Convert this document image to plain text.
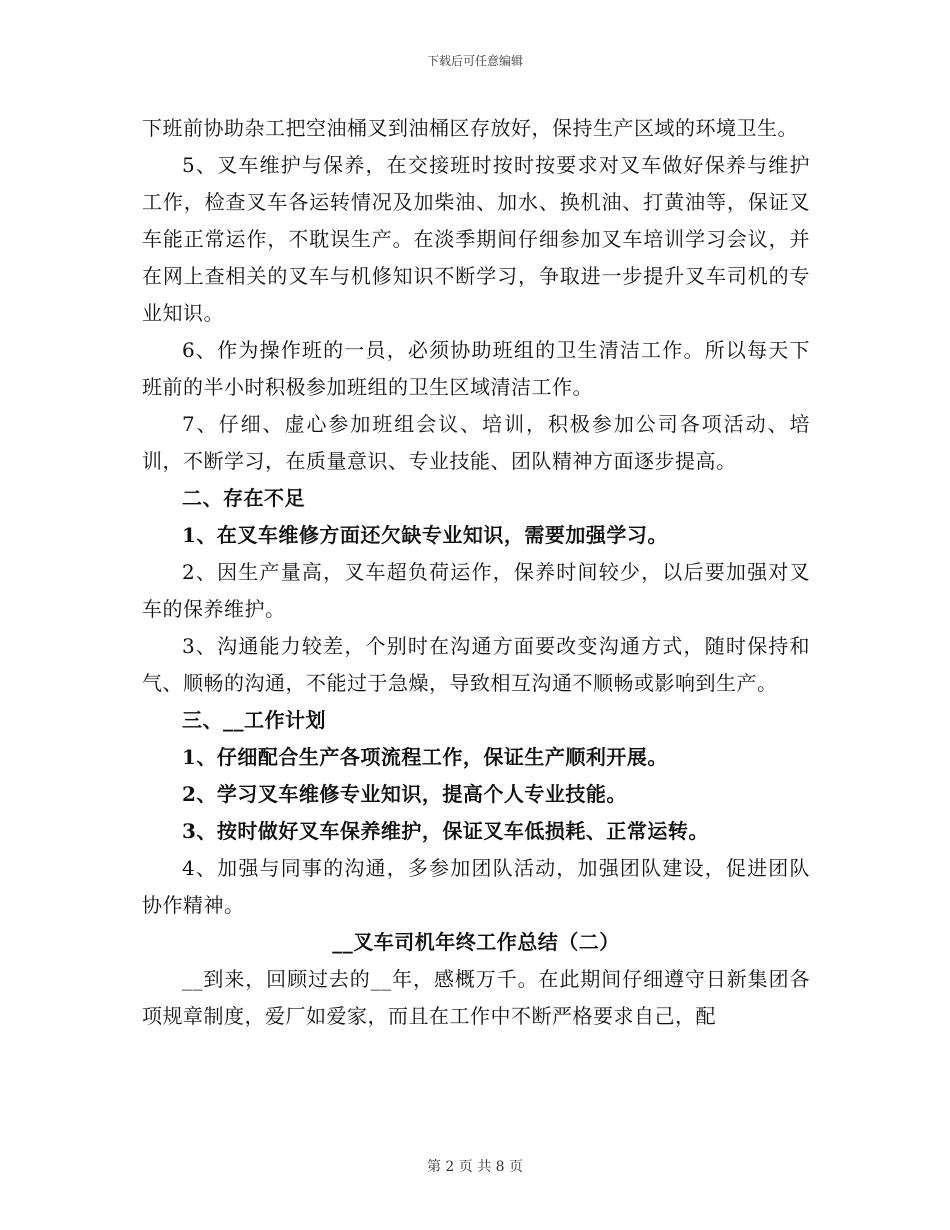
下载后可任意编辑

下班前协助杂工把空油桶叉到油桶区存放好，保持生产区域的环境卫生。

5、叉车维护与保养，在交接班时按时按要求对叉车做好保养与维护工作，检查叉车各运转情况及加柴油、加水、换机油、打黄油等，保证叉车能正常运作，不耽误生产。在淡季期间仔细参加叉车培训学习会议，并在网上查相关的叉车与机修知识不断学习，争取进一步提升叉车司机的专业知识。

6、作为操作班的一员，必须协助班组的卫生清洁工作。所以每天下班前的半小时积极参加班组的卫生区域清洁工作。

7、仔细、虚心参加班组会议、培训，积极参加公司各项活动、培训，不断学习，在质量意识、专业技能、团队精神方面逐步提高。

二、存在不足

1、在叉车维修方面还欠缺专业知识，需要加强学习。

2、因生产量高，叉车超负荷运作，保养时间较少，以后要加强对叉车的保养维护。

3、沟通能力较差，个别时在沟通方面要改变沟通方式，随时保持和气、顺畅的沟通，不能过于急燥，导致相互沟通不顺畅或影响到生产。

三、__工作计划

1、仔细配合生产各项流程工作，保证生产顺利开展。

2、学习叉车维修专业知识，提高个人专业技能。

3、按时做好叉车保养维护，保证叉车低损耗、正常运转。

4、加强与同事的沟通，多参加团队活动，加强团队建设，促进团队协作精神。

__叉车司机年终工作总结（二）

__到来，回顾过去的__年，感概万千。在此期间仔细遵守日新集团各项规章制度，爱厂如爱家，而且在工作中不断严格要求自己，配

第 2 页 共 8 页
